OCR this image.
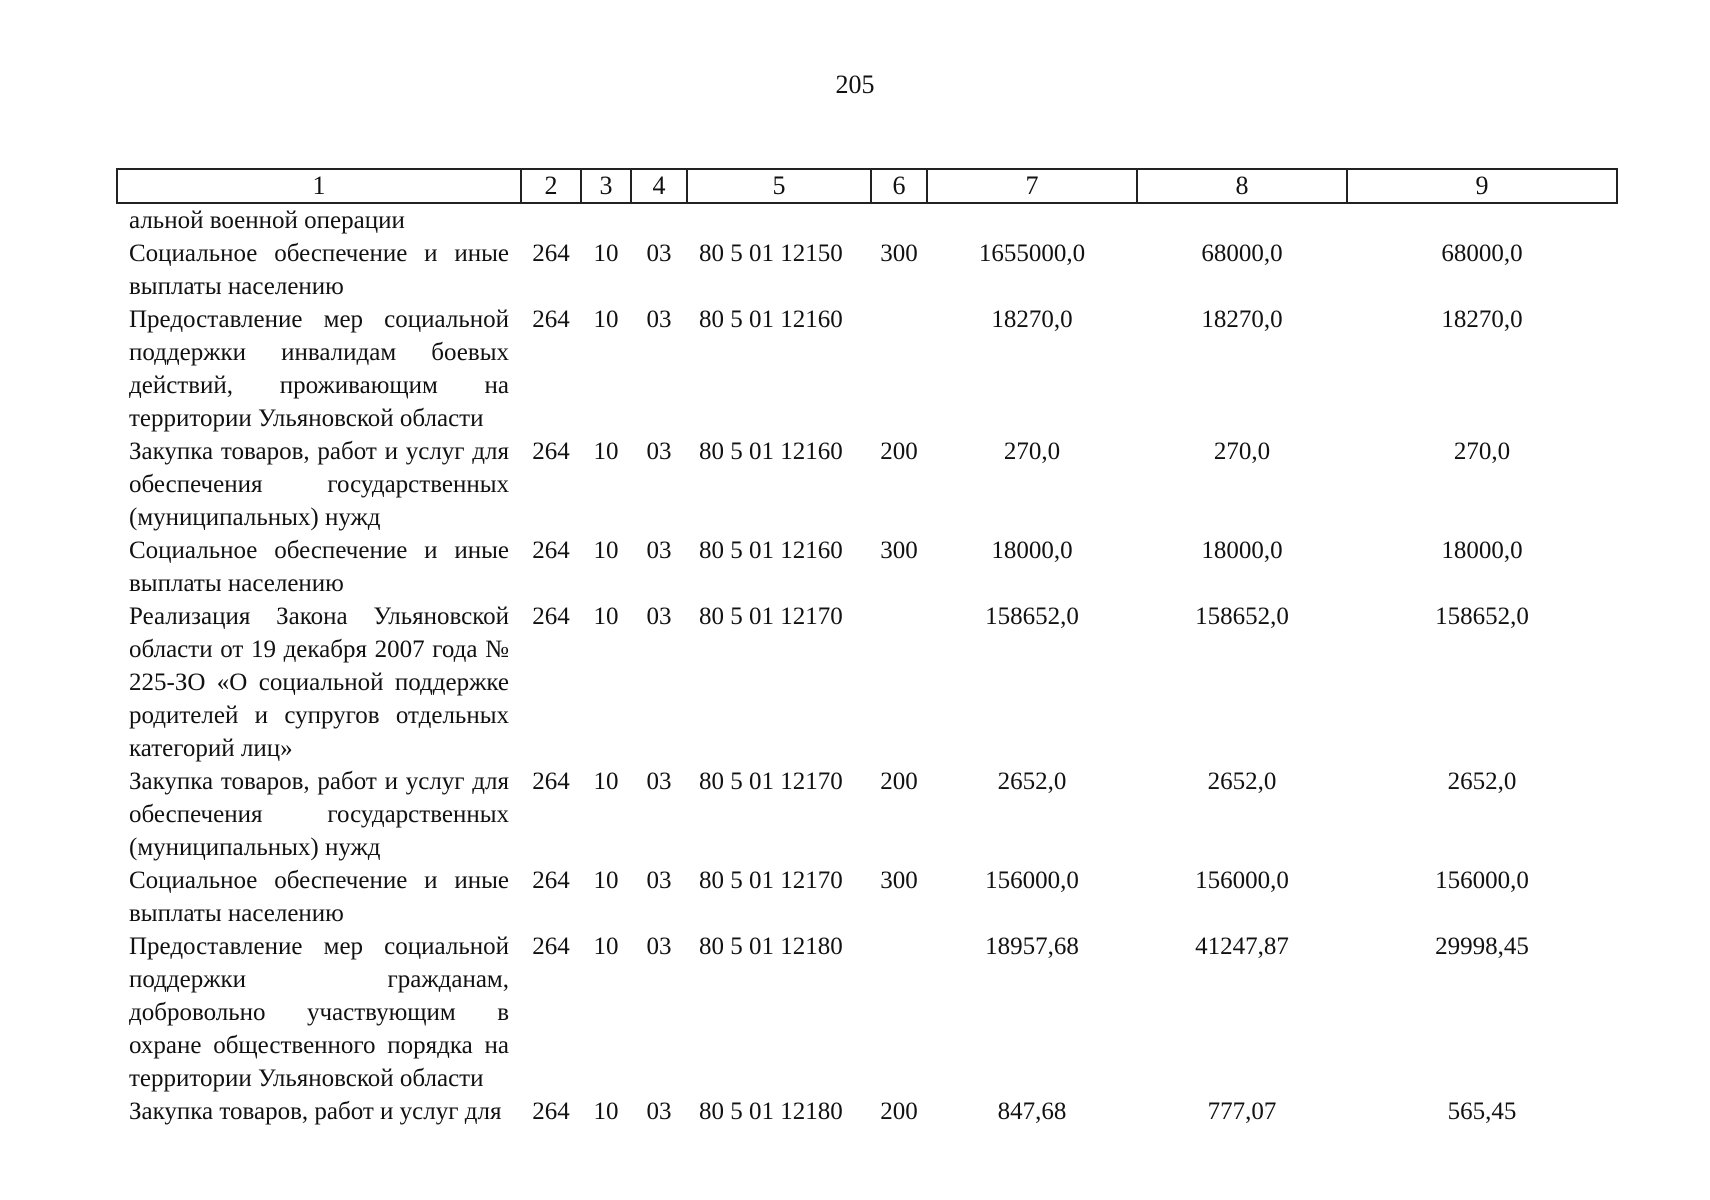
205
1	2	3	4	5	6	7	8	9
альной военной операции								
Социальное обеспечение и иные выплаты населению	264	10	03	80 5 01 12150	300	1655000,0	68000,0	68000,0
Предоставление мер социальной поддержки инвалидам боевых действий, проживающим на территории Ульяновской области	264	10	03	80 5 01 12160		18270,0	18270,0	18270,0
Закупка товаров, работ и услуг для обеспечения государственных (муниципальных) нужд	264	10	03	80 5 01 12160	200	270,0	270,0	270,0
Социальное обеспечение и иные выплаты населению	264	10	03	80 5 01 12160	300	18000,0	18000,0	18000,0
Реализация Закона Ульяновской области от 19 декабря 2007 года № 225-ЗО «О социальной поддержке родителей и супругов отдельных категорий лиц»	264	10	03	80 5 01 12170		158652,0	158652,0	158652,0
Закупка товаров, работ и услуг для обеспечения государственных (муниципальных) нужд	264	10	03	80 5 01 12170	200	2652,0	2652,0	2652,0
Социальное обеспечение и иные выплаты населению	264	10	03	80 5 01 12170	300	156000,0	156000,0	156000,0
Предоставление мер социальной поддержки гражданам, добровольно участвующим в охране общественного порядка на территории Ульяновской области	264	10	03	80 5 01 12180		18957,68	41247,87	29998,45
Закупка товаров, работ и услуг для	264	10	03	80 5 01 12180	200	847,68	777,07	565,45
